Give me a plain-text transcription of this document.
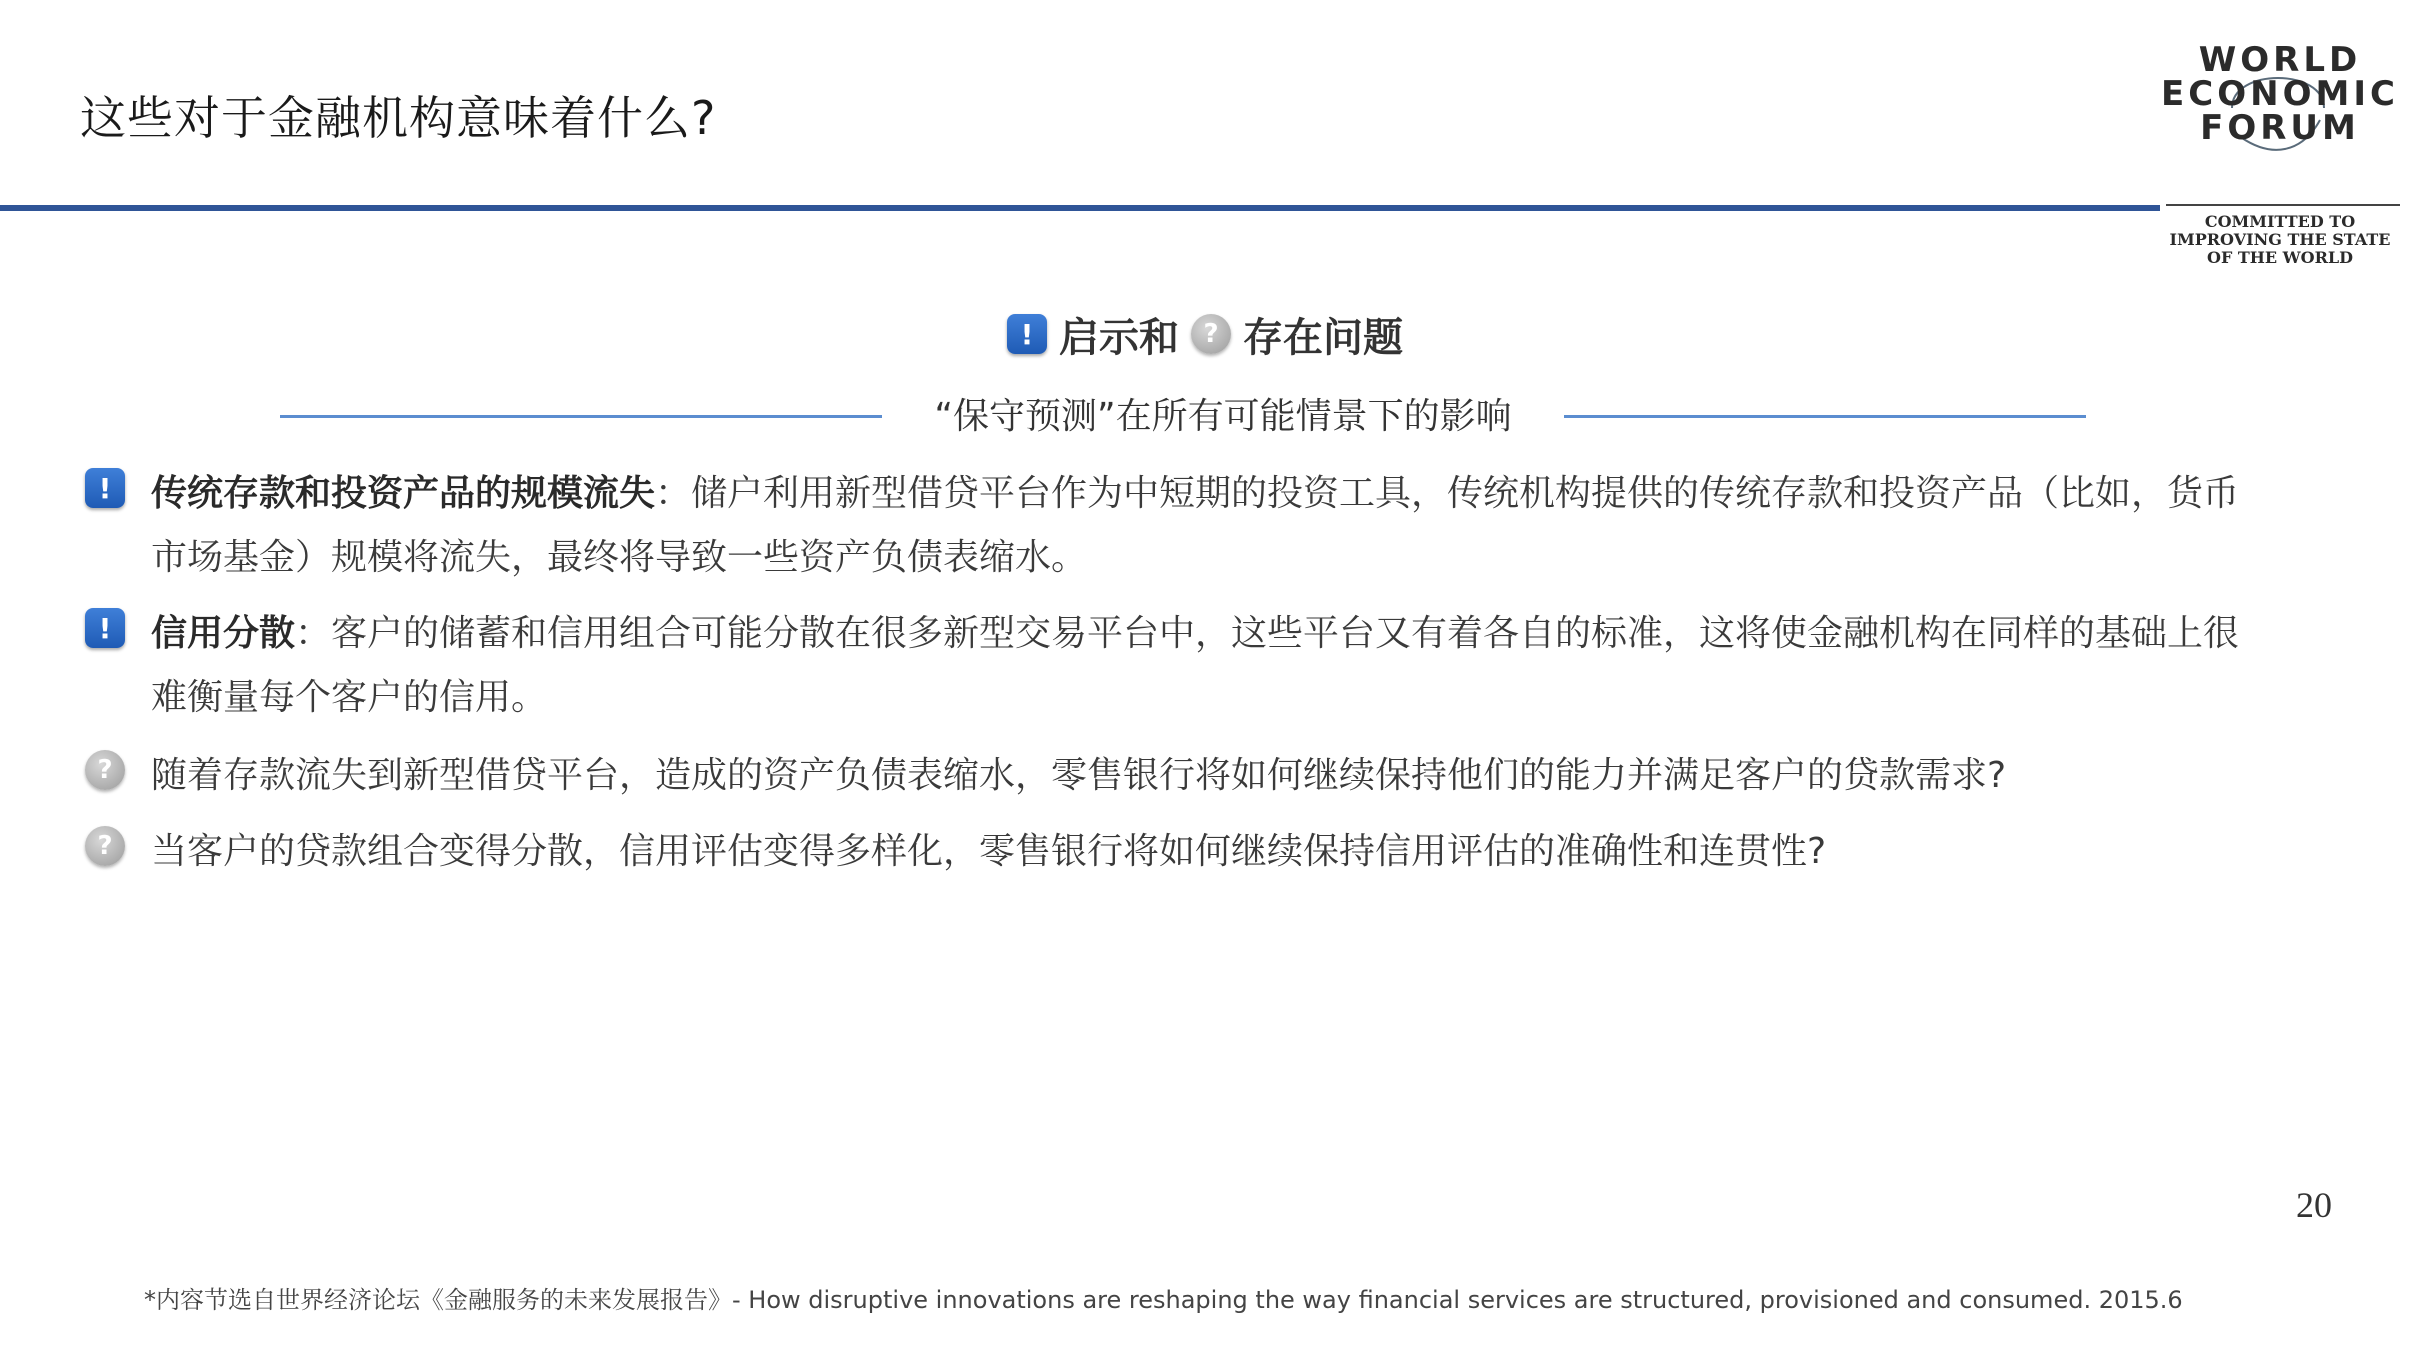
这些对于金融机构意味着什么?
WORLD
ECONOMIC
FORUM
COMMITTED TO
IMPROVING THE STATE
OF THE WORLD
! 启示和 ? 存在问题
“保守预测”在所有可能情景下的影响
!	传统存款和投资产品的规模流失：储户利用新型借贷平台作为中短期的投资工具，传统机构提供的传统存款和投资产品（比如，货币市场基金）规模将流失，最终将导致一些资产负债表缩水。
!	信用分散：客户的储蓄和信用组合可能分散在很多新型交易平台中，这些平台又有着各自的标准，这将使金融机构在同样的基础上很难衡量每个客户的信用。
?	随着存款流失到新型借贷平台，造成的资产负债表缩水，零售银行将如何继续保持他们的能力并满足客户的贷款需求?
?	当客户的贷款组合变得分散，信用评估变得多样化，零售银行将如何继续保持信用评估的准确性和连贯性?
20
*内容节选自世界经济论坛《金融服务的未来发展报告》- How disruptive innovations are reshaping the way financial services are structured, provisioned and consumed. 2015.6
